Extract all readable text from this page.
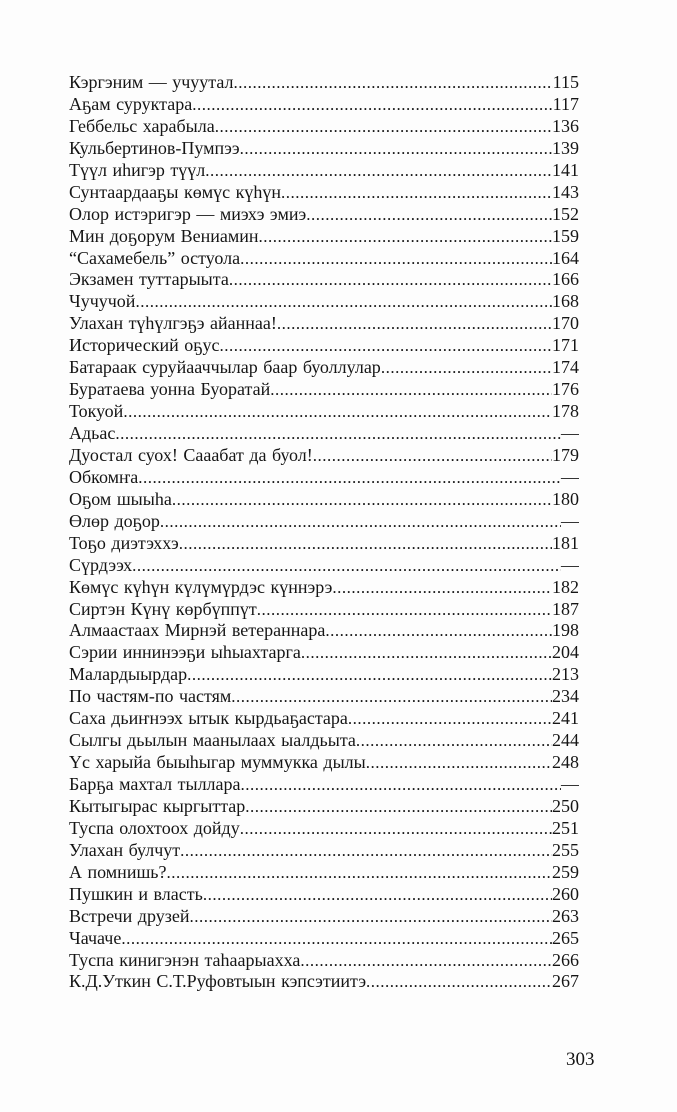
Кэргэним — учуутал .....	115
Аҕам суруктара .....	117
Геббельс харабыла .....	136
Кульбертинов-Пумпээ .....	139
Түүл иһигэр түүл .....	141
Сунтаардааҕы көмүс күһүн .....	143
Олор истэригэр — миэхэ эмиэ .....	152
Мин доҕорум Вениамин .....	159
“Сахамебель” остуола .....	164
Экзамен туттарыыта .....	166
Чучучой .....	168
Улахан түһүлгэҕэ айаннаа! .....	170
Исторический оҕус .....	171
Батараак суруйааччылар баар буоллулар .....	174
Буратаева уонна Буоратай .....	176
Токуой .....	178
Адьас .....	—
Дуостал суох! Сааабат да буол! .....	179
Обкомҥа .....	—
Оҕом шыыһа .....	180
Өлөр доҕор .....	—
Тоҕо диэтэххэ .....	181
Сүрдээх .....	—
Көмүс күһүн күлүмүрдэс күннэрэ .....	182
Сиртэн Күнү көрбүппүт .....	187
Алмаастаах Мирнэй ветераннара .....	198
Сэрии иннинээҕи ыһыахтарга .....	204
Малардыырдар .....	213
По частям-по частям .....	234
Саха дьиҥнээх ытык кырдьаҕастара .....	241
Сылгы дьылын маанылаах ыалдьыта .....	244
Үс харыйа быыһыгар муммукка дылы .....	248
Барҕа махтал тыллара .....	—
Кытыгырас кыргыттар .....	250
Туспа олохтоох дойду .....	251
Улахан булчут .....	255
А помнишь? .....	259
Пушкин и власть .....	260
Встречи друзей .....	263
Чачаче .....	265
Туспа кинигэнэн таһаарыахха .....	266
К.Д.Уткин С.Т.Руфовтыын кэпсэтиитэ .....	267
303
